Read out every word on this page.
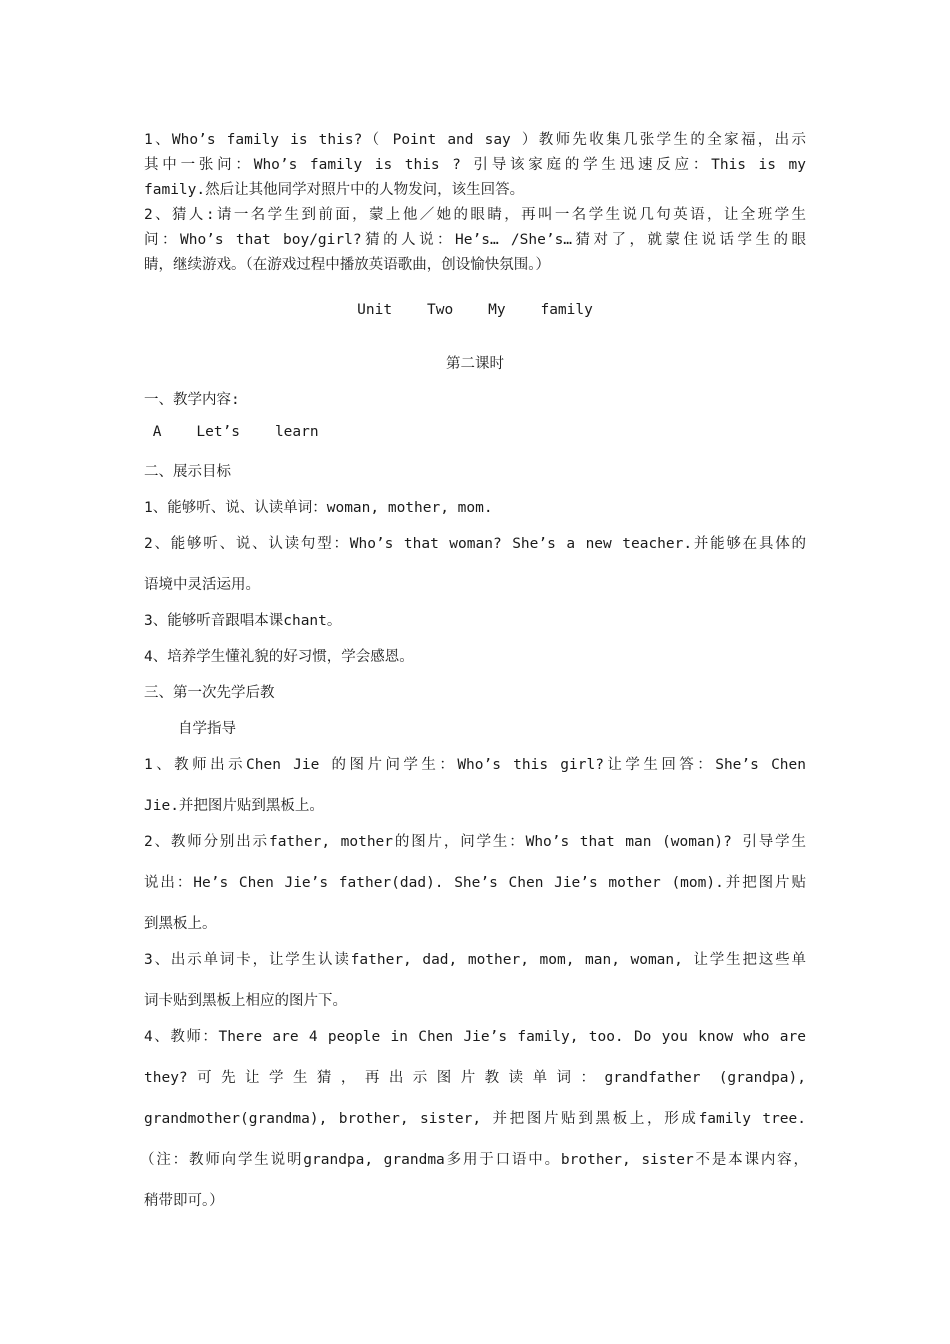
1、Who’s family is this?（ Point and say ）教师先收集几张学生的全家福，出示
其中一张问：Who’s family is this ? 引导该家庭的学生迅速反应：This is my
family.然后让其他同学对照片中的人物发问，该生回答。
2、猜人:请一名学生到前面，蒙上他／她的眼睛，再叫一名学生说几句英语，让全班学生
问：Who’s that boy/girl?猜的人说：He’s… /She’s…猜对了，就蒙住说话学生的眼
睛，继续游戏。（在游戏过程中播放英语歌曲，创设愉快氛围。）
Unit    Two    My    family
第二课时
一、教学内容:
A    Let’s    learn
二、展示目标
1、能够听、说、认读单词：woman, mother, mom.
2、能够听、说、认读句型：Who’s that woman? She’s a new teacher.并能够在具体的
语境中灵活运用。
3、能够听音跟唱本课chant。
4、培养学生懂礼貌的好习惯，学会感恩。
三、第一次先学后教
自学指导
1、教师出示Chen Jie 的图片问学生：Who’s this girl?让学生回答：She’s Chen
Jie.并把图片贴到黑板上。
2、教师分别出示father, mother的图片，问学生：Who’s that man (woman)? 引导学生
说出：He’s Chen Jie’s father(dad). She’s Chen Jie’s mother (mom).并把图片贴
到黑板上。
3、出示单词卡，让学生认读father, dad, mother, mom, man, woman, 让学生把这些单
词卡贴到黑板上相应的图片下。
4、教师：There are 4 people in Chen Jie’s family, too. Do you know who are
they?可先让学生猜，再出示图片教读单词：grandfather (grandpa),
grandmother(grandma), brother, sister, 并把图片贴到黑板上，形成family tree.
（注：教师向学生说明grandpa, grandma多用于口语中。brother, sister不是本课内容，
稍带即可。）
